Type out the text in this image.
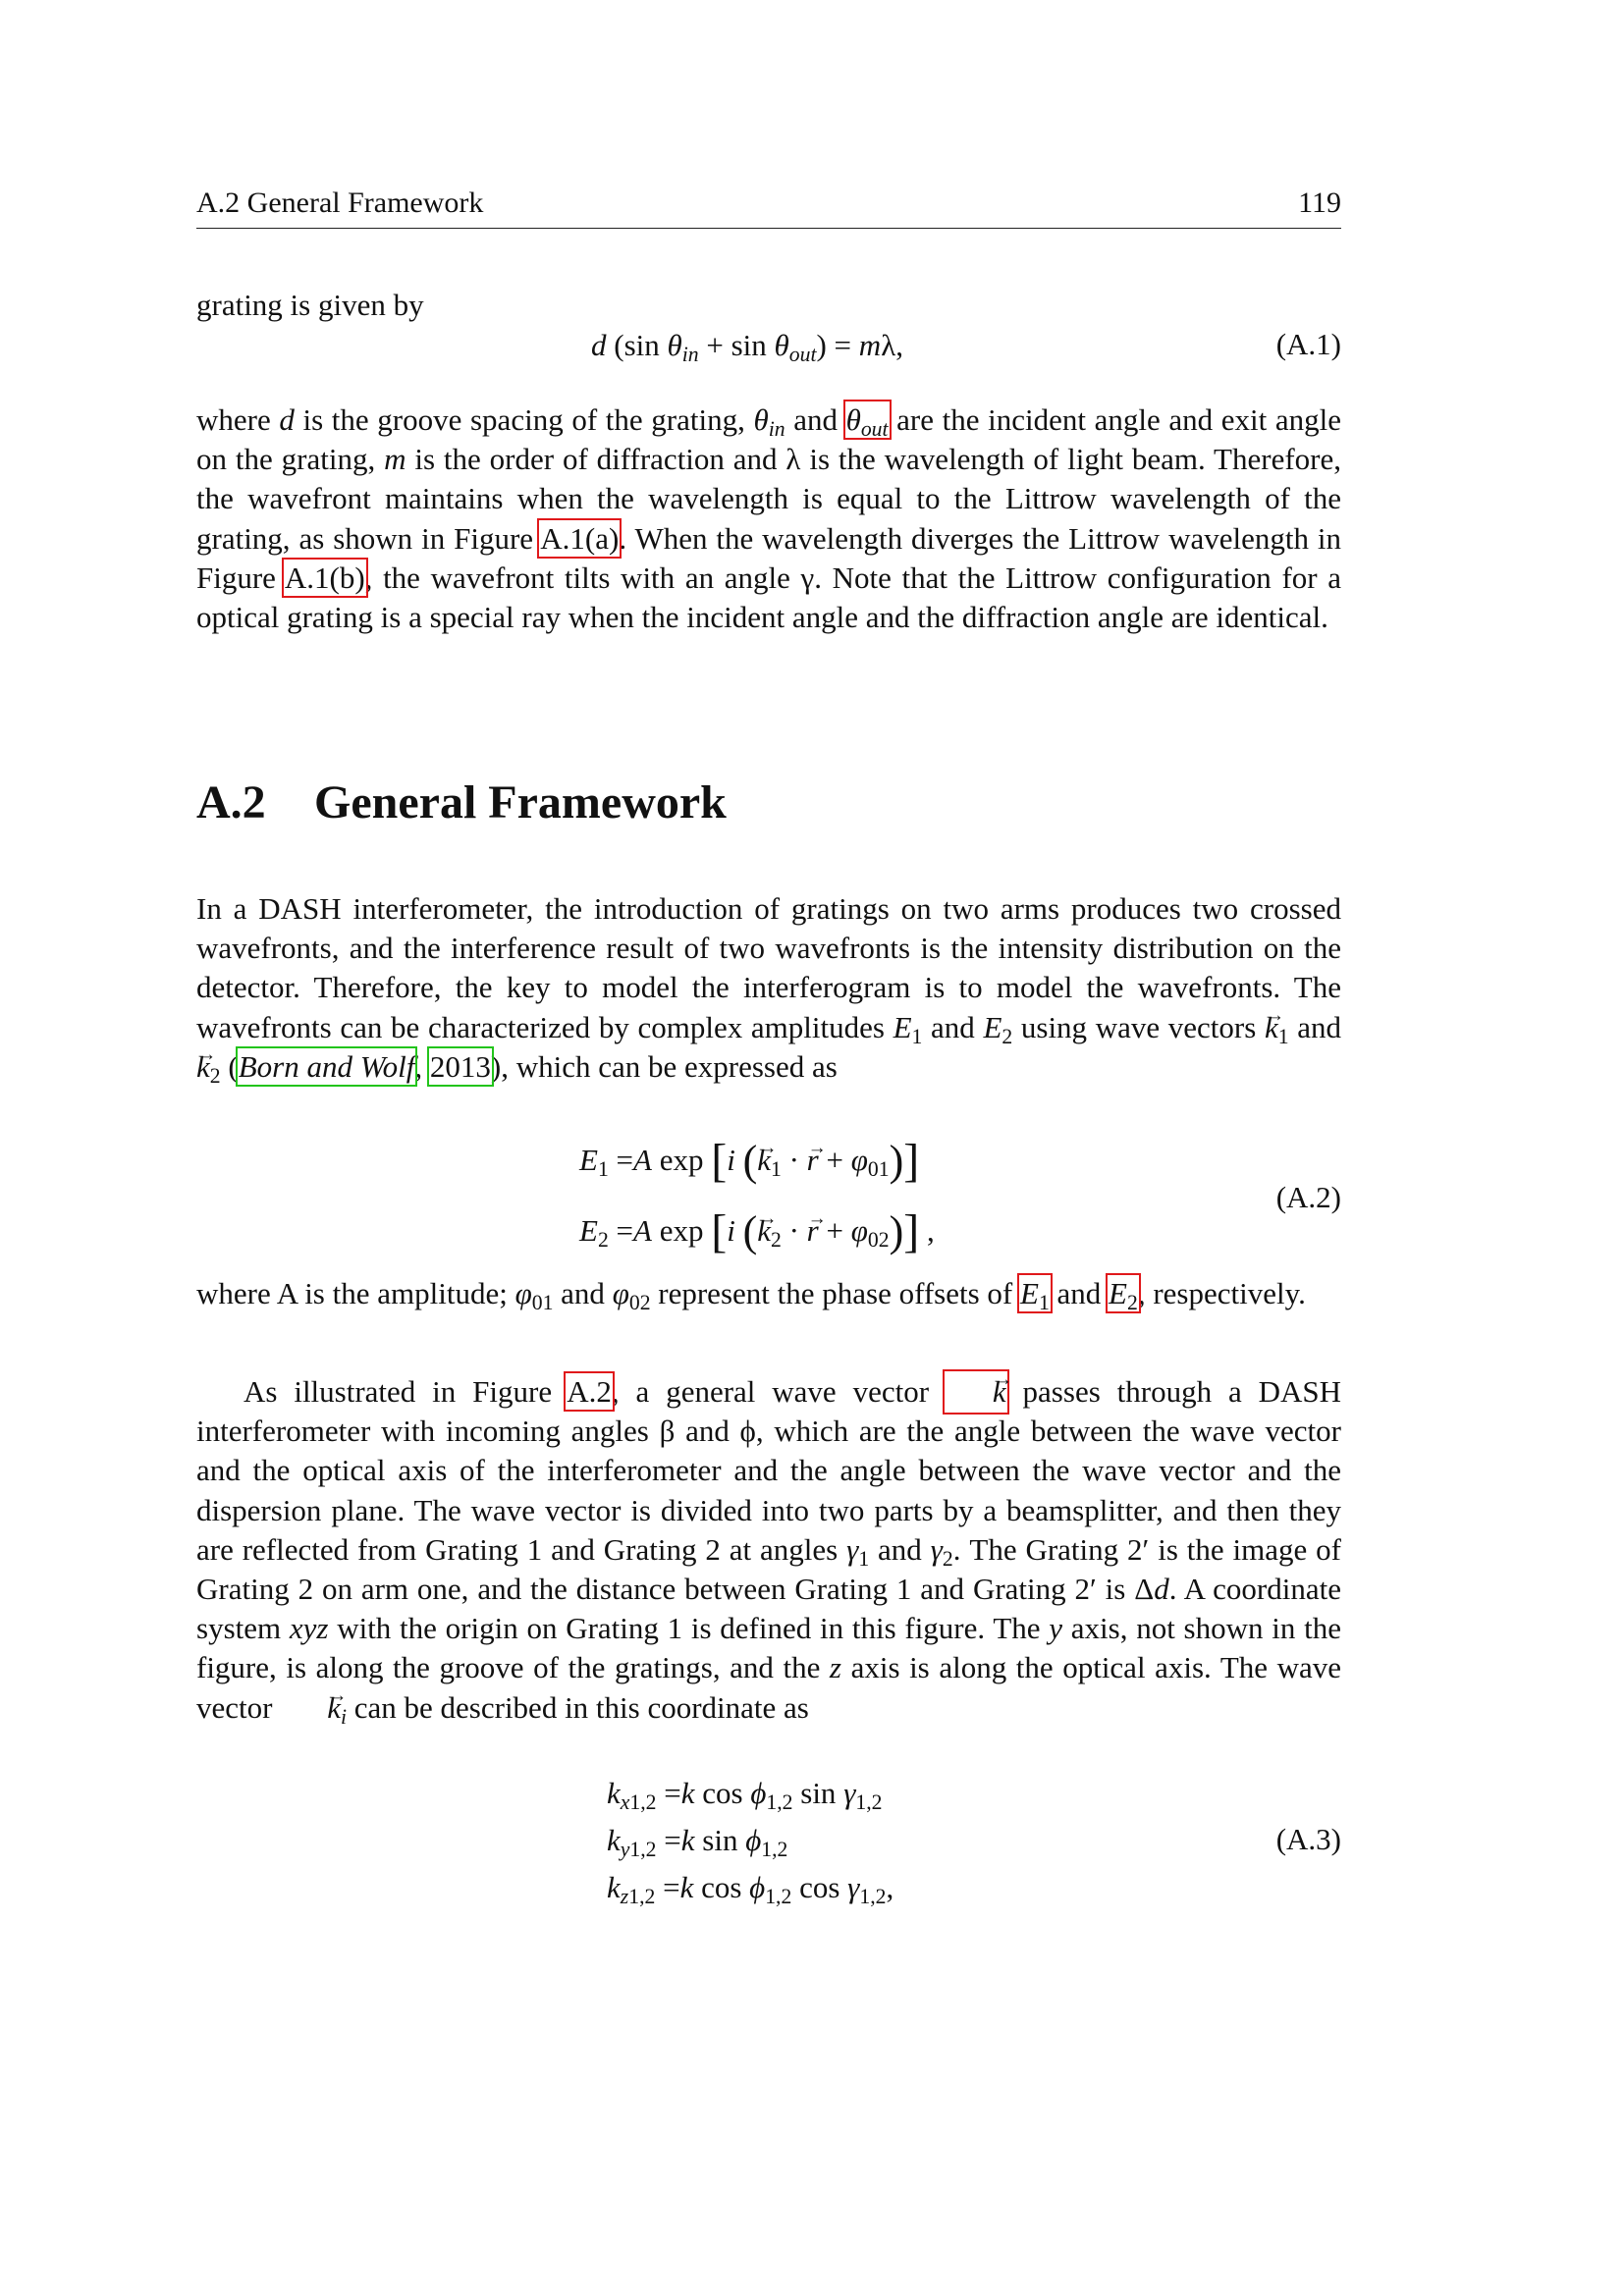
A.2 General Framework	119
grating is given by
d (sin $\theta_{in} + \sin \theta_{out}) = m\lambda$,	(A.1)
where d is the groove spacing of the grating, $\theta_{in}$ and $\theta_{out}$ are the incident angle and exit angle on the grating, m is the order of diffraction and λ is the wavelength of light beam. Therefore, the wavefront maintains when the wavelength is equal to the Littrow wavelength of the grating, as shown in Figure A.1(a). When the wavelength diverges the Littrow wavelength in Figure A.1(b), the wavefront tilts with an angle γ. Note that the Littrow configuration for a optical grating is a special ray when the incident angle and the diffraction angle are identical.
A.2 General Framework
In a DASH interferometer, the introduction of gratings on two arms produces two crossed wavefronts, and the interference result of two wavefronts is the intensity distribution on the detector. Therefore, the key to model the interferogram is to model the wavefronts. The wavefronts can be characterized by complex amplitudes $E_1$ and $E_2$ using wave vectors → $k_1$ and → $k_2$ (Born and Wolf, 2013), which can be expressed as
$E_1 =A$ exp [i (→ $k_1$ · → $r + \varphi_{01}$)]
$E_2 =A$ exp [i (→ $k_2$ · → $r + \varphi_{02}$)] ,
(A.2)
where A is the amplitude; $\varphi_{01}$ and $\varphi_{02}$ represent the phase offsets of $E_1$ and $E_2$, respectively.
As illustrated in Figure A.2, a general wave vector → k passes through a DASH interferometer with incoming angles β and ϕ, which are the angle between the wave vector and the optical axis of the interferometer and the angle between the wave vector and the dispersion plane. The wave vector is divided into two parts by a beamsplitter, and then they are reflected from Grating 1 and Grating 2 at angles $\gamma_1$ and $\gamma_2$. The Grating 2′ is the image of Grating 2 on arm one, and the distance between Grating 1 and Grating 2′ is Δd. A coordinate system xyz with the origin on Grating 1 is defined in this figure. The y axis, not shown in the figure, is along the groove of the gratings, and the z axis is along the optical axis. The wave vector → $k_i$ can be described in this coordinate as
$k_{x1,2} =k$ $\cos \phi_{1,2}$ $\sin \gamma_{1,2}$
$k_{y1,2} =k$ $\sin \phi_{1,2}$
$k_{z1,2} =k$ $\cos \phi_{1,2}$ $\cos \gamma_{1,2}$,
(A.3)
